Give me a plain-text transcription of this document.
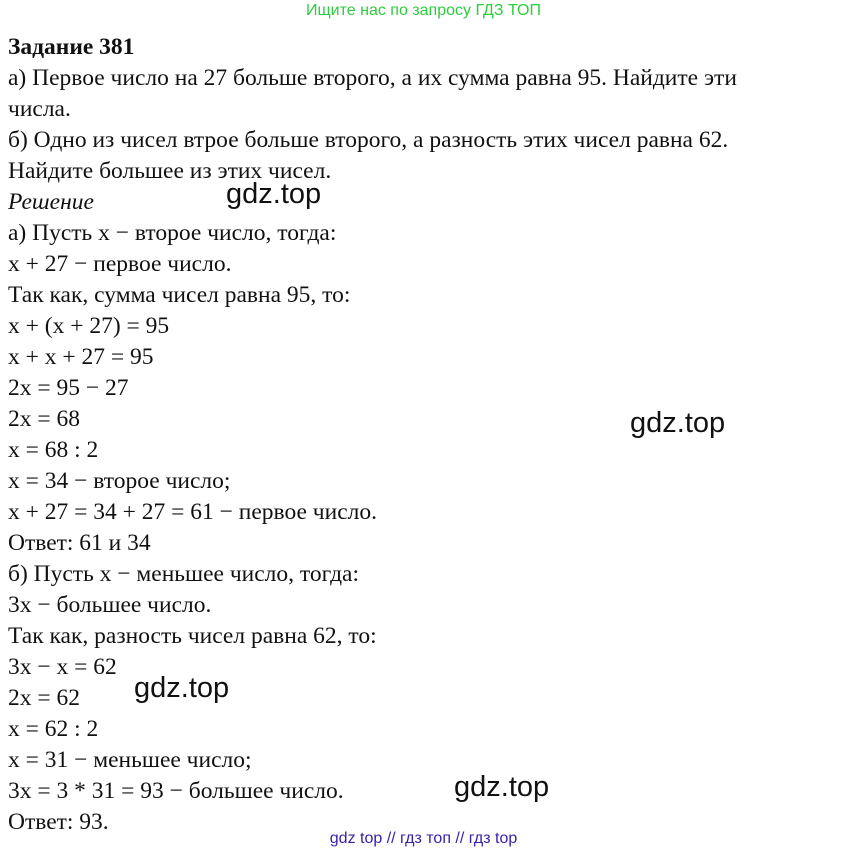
Ищите нас по запросу ГДЗ ТОП
Задание 381
а) Первое число на 27 больше второго, а их сумма равна 95. Найдите эти
числа.
б) Одно из чисел втрое больше второго, а разность этих чисел равна 62.
Найдите большее из этих чисел.
Решение
а) Пусть х − второе число, тогда:
х + 27 − первое число.
Так как, сумма чисел равна 95, то:
х + (х + 27) = 95
х + х + 27 = 95
2х = 95 − 27
2х = 68
х = 68 : 2
х = 34 − второе число;
х + 27 = 34 + 27 = 61 − первое число.
Ответ: 61 и 34
б) Пусть х − меньшее число, тогда:
3х − большее число.
Так как, разность чисел равна 62, то:
3х − х = 62
2х = 62
х = 62 : 2
х = 31 − меньшее число;
3х = 3 * 31 = 93 − большее число.
Ответ: 93.
gdz.top
gdz.top
gdz.top
gdz.top
gdz top // гдз топ // гдз top
